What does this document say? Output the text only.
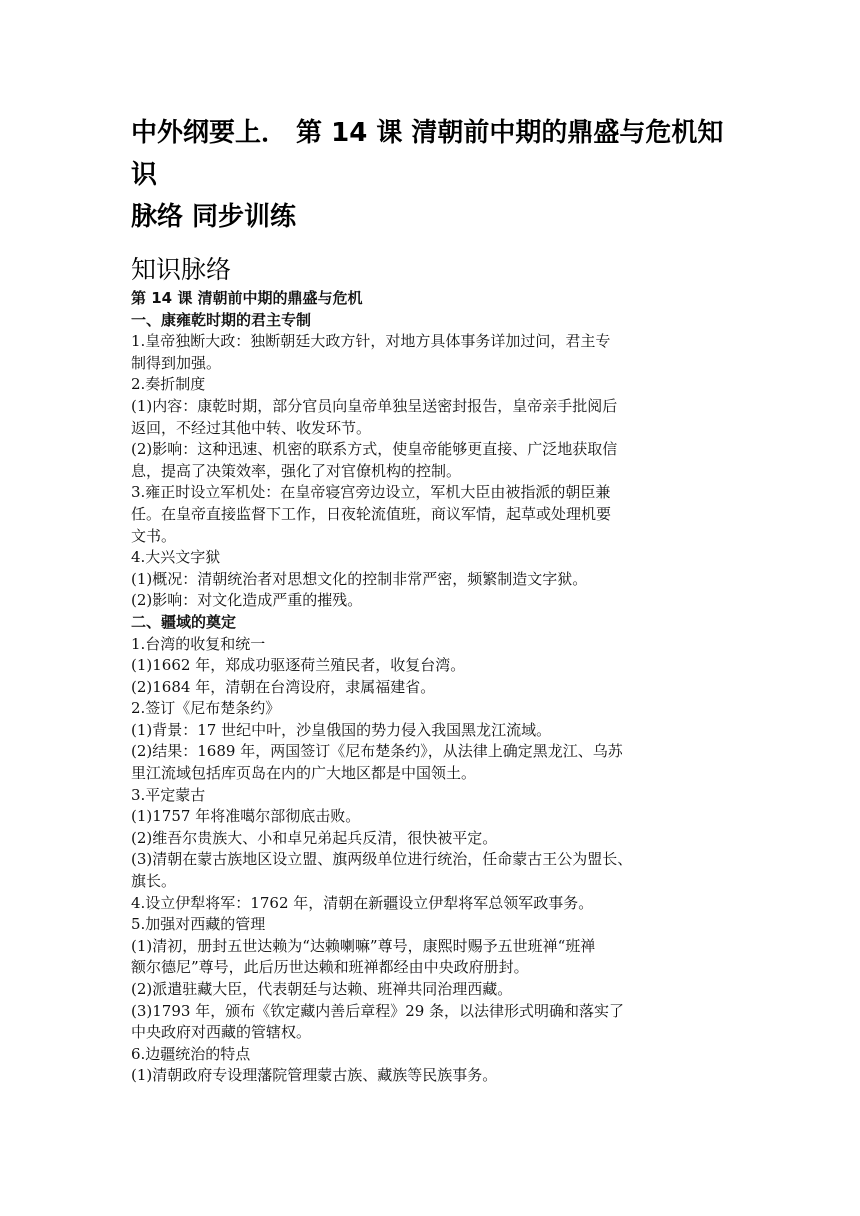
中外纲要上． 第 14 课 清朝前中期的鼎盛与危机知识
脉络 同步训练
知识脉络

第 14 课 清朝前中期的鼎盛与危机

一、康雍乾时期的君主专制

1.皇帝独断大政：独断朝廷大政方针，对地方具体事务详加过问，君主专

制得到加强。

2.奏折制度

(1)内容：康乾时期，部分官员向皇帝单独呈送密封报告，皇帝亲手批阅后

返回，不经过其他中转、收发环节。

(2)影响：这种迅速、机密的联系方式，使皇帝能够更直接、广泛地获取信

息，提高了决策效率，强化了对官僚机构的控制。

3.雍正时设立军机处：在皇帝寝宫旁边设立，军机大臣由被指派的朝臣兼

任。在皇帝直接监督下工作，日夜轮流值班，商议军情，起草或处理机要

文书。

4.大兴文字狱

(1)概况：清朝统治者对思想文化的控制非常严密，频繁制造文字狱。

(2)影响：对文化造成严重的摧残。

二、疆域的奠定

1.台湾的收复和统一

(1)1662 年，郑成功驱逐荷兰殖民者，收复台湾。

(2)1684 年，清朝在台湾设府，隶属福建省。

2.签订《尼布楚条约》

(1)背景：17 世纪中叶，沙皇俄国的势力侵入我国黑龙江流域。

(2)结果：1689 年，两国签订《尼布楚条约》，从法律上确定黑龙江、乌苏

里江流域包括库页岛在内的广大地区都是中国领土。

3.平定蒙古

(1)1757 年将准噶尔部彻底击败。

(2)维吾尔贵族大、小和卓兄弟起兵反清，很快被平定。

(3)清朝在蒙古族地区设立盟、旗两级单位进行统治，任命蒙古王公为盟长、

旗长。

4.设立伊犁将军：1762 年，清朝在新疆设立伊犁将军总领军政事务。

5.加强对西藏的管理

(1)清初，册封五世达赖为“达赖喇嘛”尊号，康熙时赐予五世班禅“班禅

额尔德尼”尊号，此后历世达赖和班禅都经由中央政府册封。

(2)派遣驻藏大臣，代表朝廷与达赖、班禅共同治理西藏。

(3)1793 年，颁布《钦定藏内善后章程》29 条，以法律形式明确和落实了

中央政府对西藏的管辖权。

6.边疆统治的特点

(1)清朝政府专设理藩院管理蒙古族、藏族等民族事务。
